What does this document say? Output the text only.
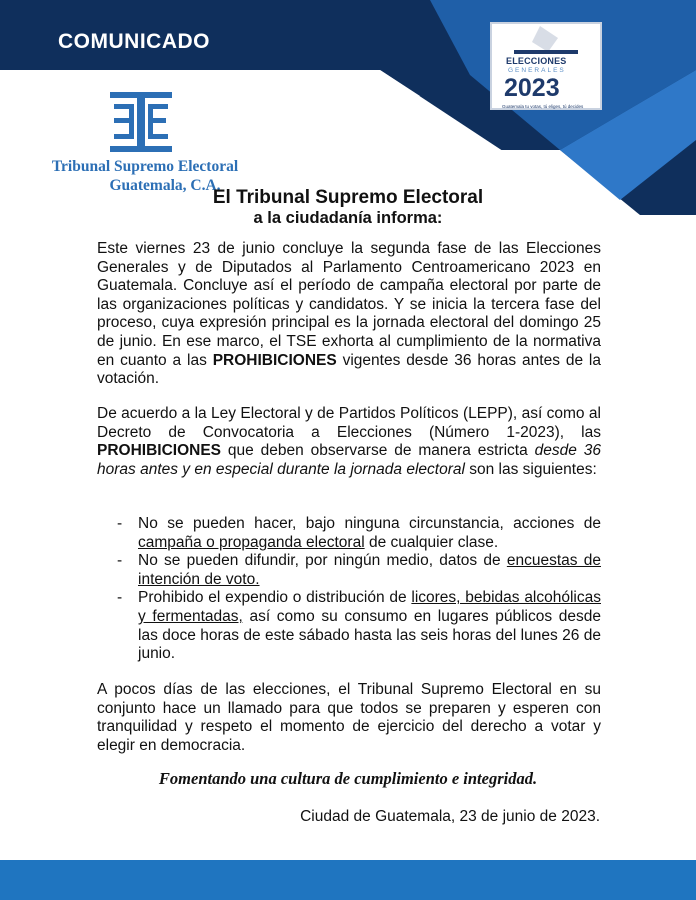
COMUNICADO
ELECCIONES
GENERALES
2023
Guatemala tu votas, tú eliges, tú decides
Tribunal Supremo Electoral
Guatemala, C.A.
El Tribunal Supremo Electoral
a la ciudadanía informa:
Este viernes 23 de junio concluye la segunda fase de las Elecciones Generales y de Diputados al Parlamento Centroamericano 2023 en Guatemala. Concluye así el período de campaña electoral por parte de las organizaciones políticas y candidatos. Y se inicia la tercera fase del proceso, cuya expresión principal es la jornada electoral del domingo 25 de junio. En ese marco, el TSE exhorta al cumplimiento de la normativa en cuanto a las PROHIBICIONES vigentes desde 36 horas antes de la votación.
De acuerdo a la Ley Electoral y de Partidos Políticos (LEPP), así como al Decreto de Convocatoria a Elecciones (Número 1-2023), las PROHIBICIONES que deben observarse de manera estricta desde 36 horas antes y en especial durante la jornada electoral son las siguientes:
- No se pueden hacer, bajo ninguna circunstancia, acciones de campaña o propaganda electoral de cualquier clase.
- No se pueden difundir, por ningún medio, datos de encuestas de intención de voto.
- Prohibido el expendio o distribución de licores, bebidas alcohólicas y fermentadas, así como su consumo en lugares públicos desde las doce horas de este sábado hasta las seis horas del lunes 26 de junio.
A pocos días de las elecciones, el Tribunal Supremo Electoral en su conjunto hace un llamado para que todos se preparen y esperen con tranquilidad y respeto el momento de ejercicio del derecho a votar y elegir en democracia.
Fomentando una cultura de cumplimiento e integridad.
Ciudad de Guatemala, 23 de junio de 2023.
